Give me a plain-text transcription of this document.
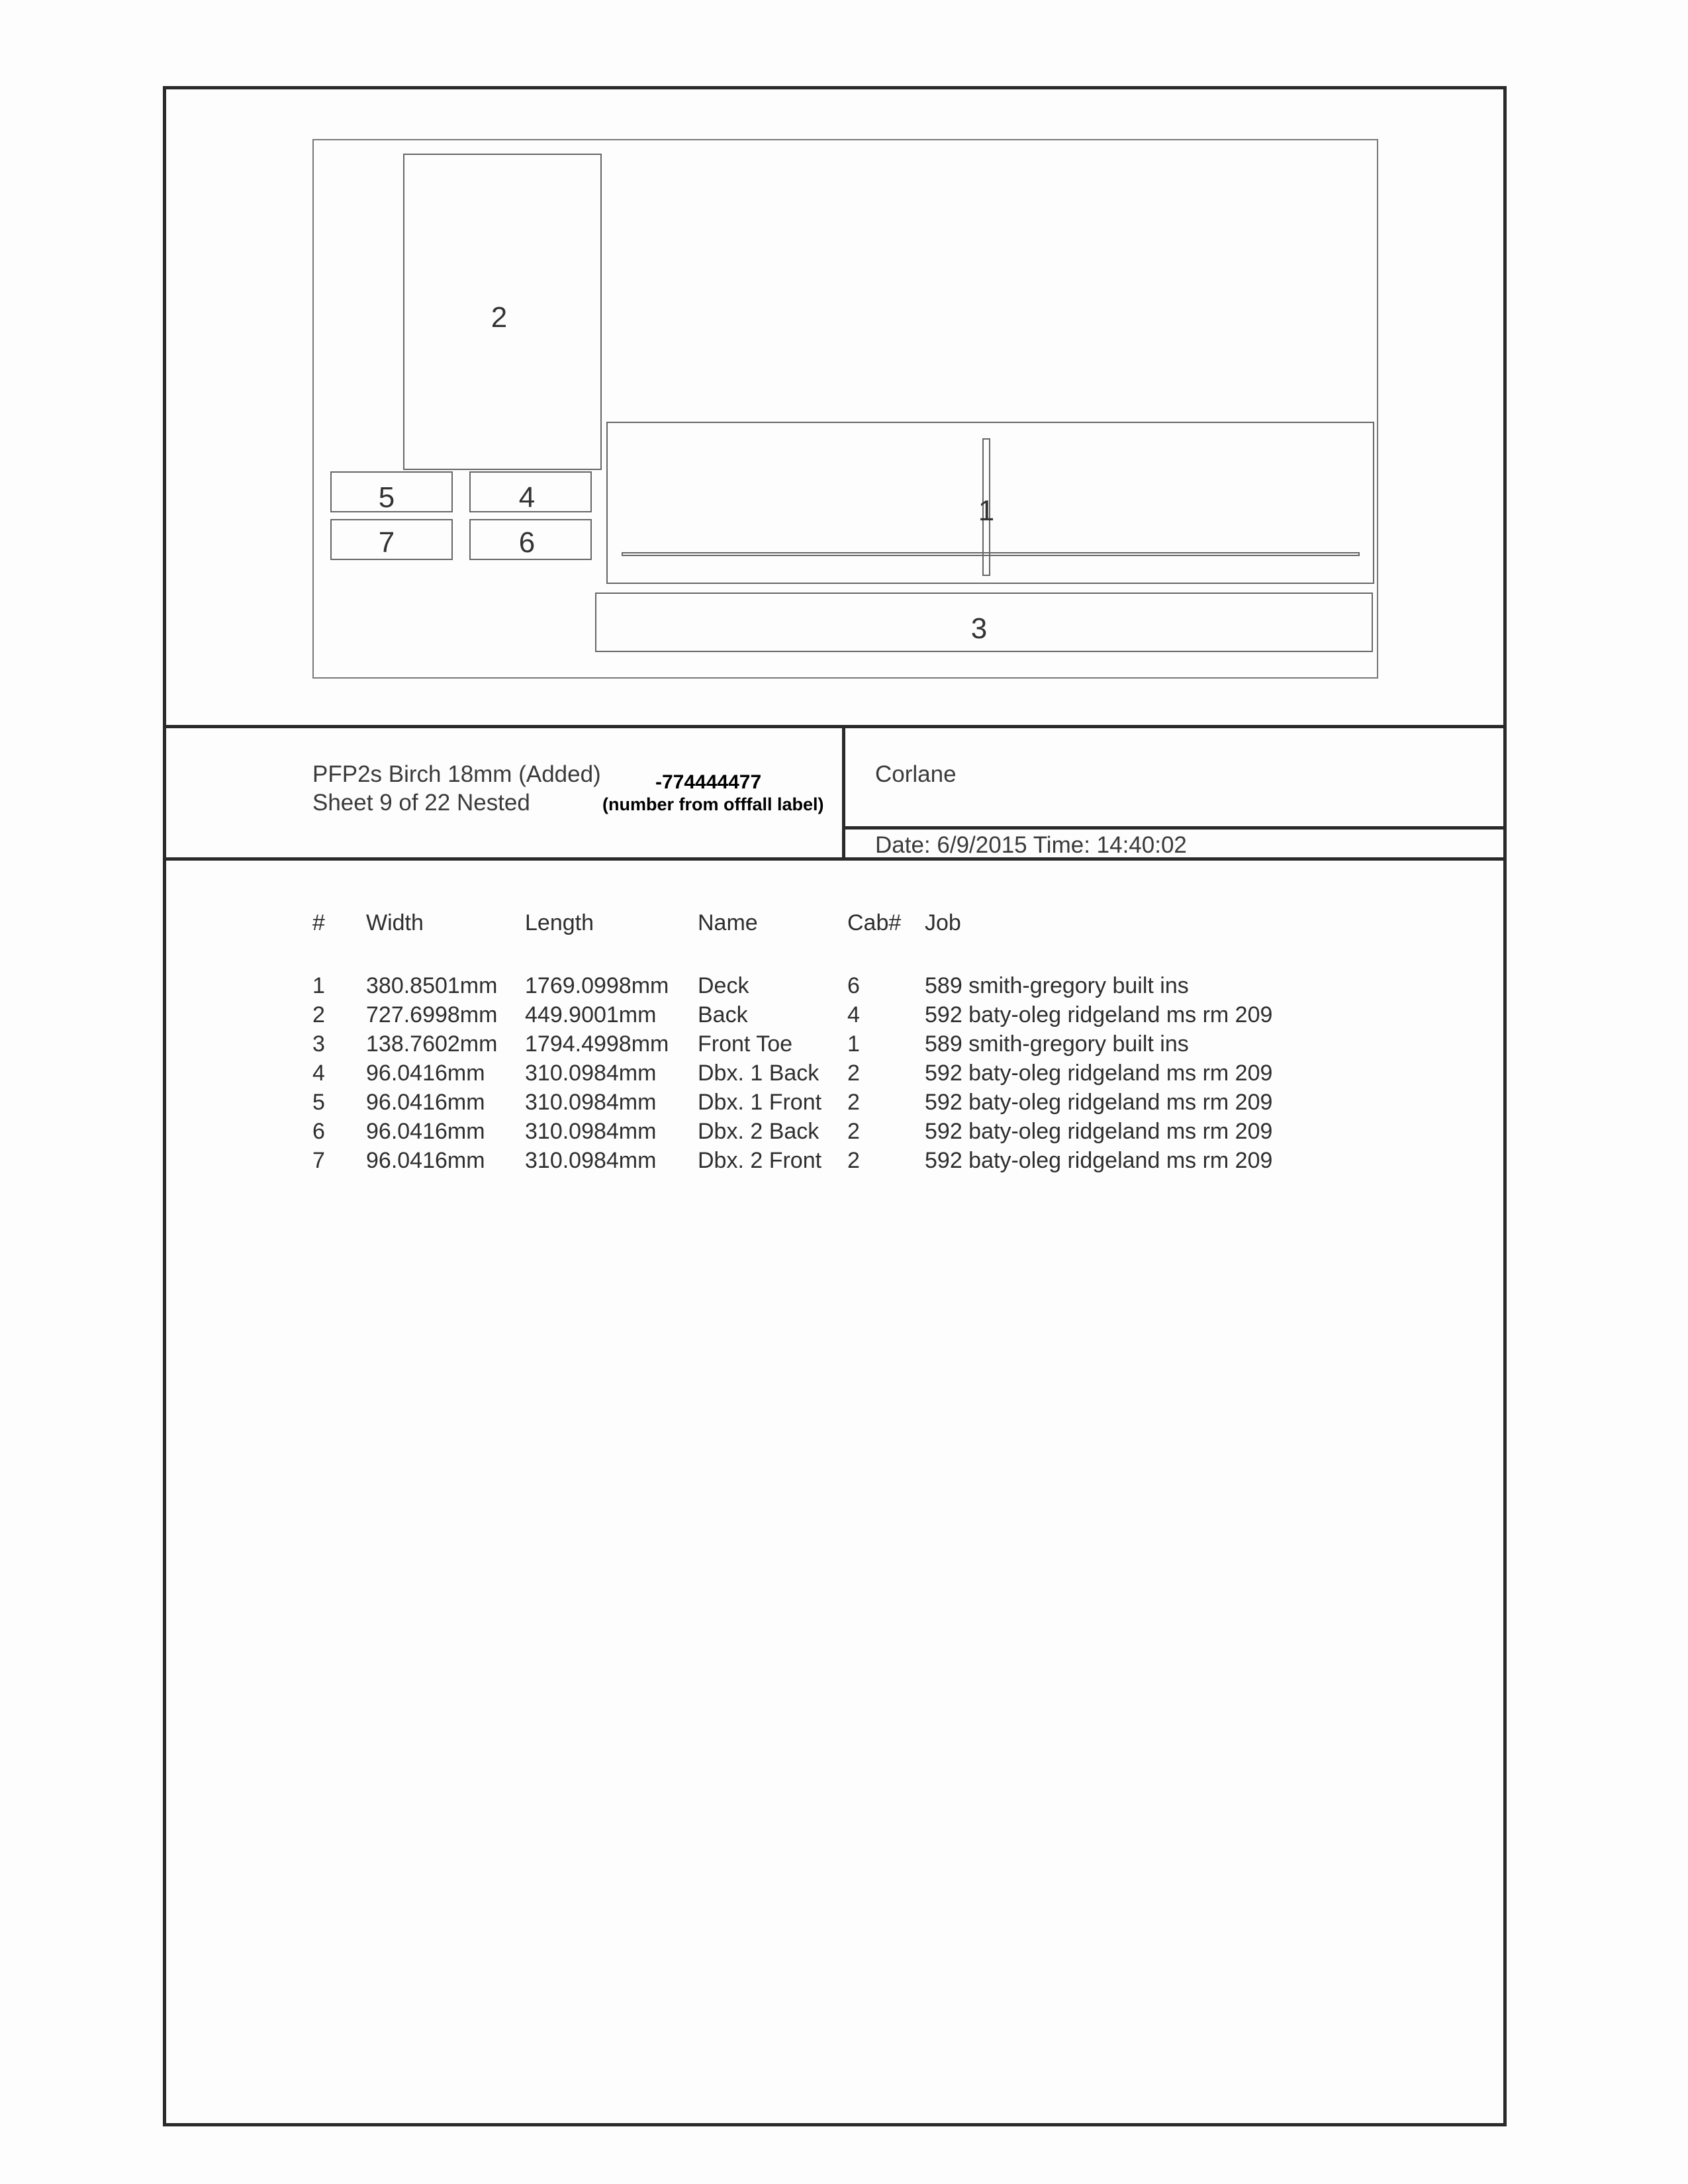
2
1
3
5	4
7	6
PFP2s Birch 18mm (Added)
Sheet 9 of 22 Nested
-774444477
(number from offfall label)
Corlane
Date: 6/9/2015 Time: 14:40:02
# Width	Length	Name	Cab# Job
1 380.8501mm 1769.0998mm Deck	6	589 smith-gregory built ins
2 727.6998mm 449.9001mm Back	4	592 baty-oleg ridgeland ms rm 209
3 138.7602mm 1794.4998mm Front Toe 1	589 smith-gregory built ins
4 96.0416mm 310.0984mm Dbx. 1 Back 2	592 baty-oleg ridgeland ms rm 209
5 96.0416mm 310.0984mm Dbx. 1 Front 2	592 baty-oleg ridgeland ms rm 209
6 96.0416mm 310.0984mm Dbx. 2 Back 2	592 baty-oleg ridgeland ms rm 209
7 96.0416mm 310.0984mm Dbx. 2 Front 2	592 baty-oleg ridgeland ms rm 209
